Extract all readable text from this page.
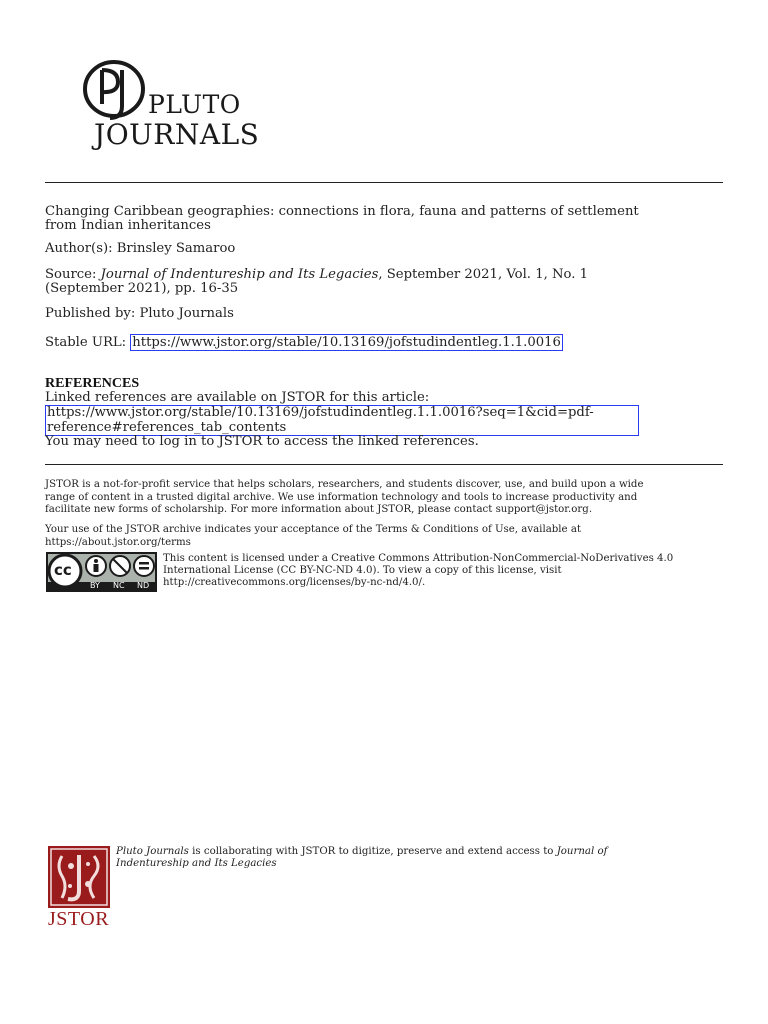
PLUTO
JOURNALS
Changing Caribbean geographies: connections in flora, fauna and patterns of settlement
from Indian inheritances
Author(s): Brinsley Samaroo
Source: Journal of Indentureship and Its Legacies, September 2021, Vol. 1, No. 1
(September 2021), pp. 16-35
Published by: Pluto Journals
Stable URL: https://www.jstor.org/stable/10.13169/jofstudindentleg.1.1.0016
REFERENCES
Linked references are available on JSTOR for this article:
https://www.jstor.org/stable/10.13169/jofstudindentleg.1.1.0016?seq=1&cid=pdf-
reference#references_tab_contents
You may need to log in to JSTOR to access the linked references.
JSTOR is a not-for-profit service that helps scholars, researchers, and students discover, use, and build upon a wide
range of content in a trusted digital archive. We use information technology and tools to increase productivity and
facilitate new forms of scholarship. For more information about JSTOR, please contact support@jstor.org.
Your use of the JSTOR archive indicates your acceptance of the Terms & Conditions of Use, available at
https://about.jstor.org/terms
cc
BY NC ND
This content is licensed under a Creative Commons Attribution-NonCommercial-NoDerivatives 4.0
International License (CC BY-NC-ND 4.0). To view a copy of this license, visit
http://creativecommons.org/licenses/by-nc-nd/4.0/.
JSTOR
Pluto Journals is collaborating with JSTOR to digitize, preserve and extend access to Journal of
Indentureship and Its Legacies
